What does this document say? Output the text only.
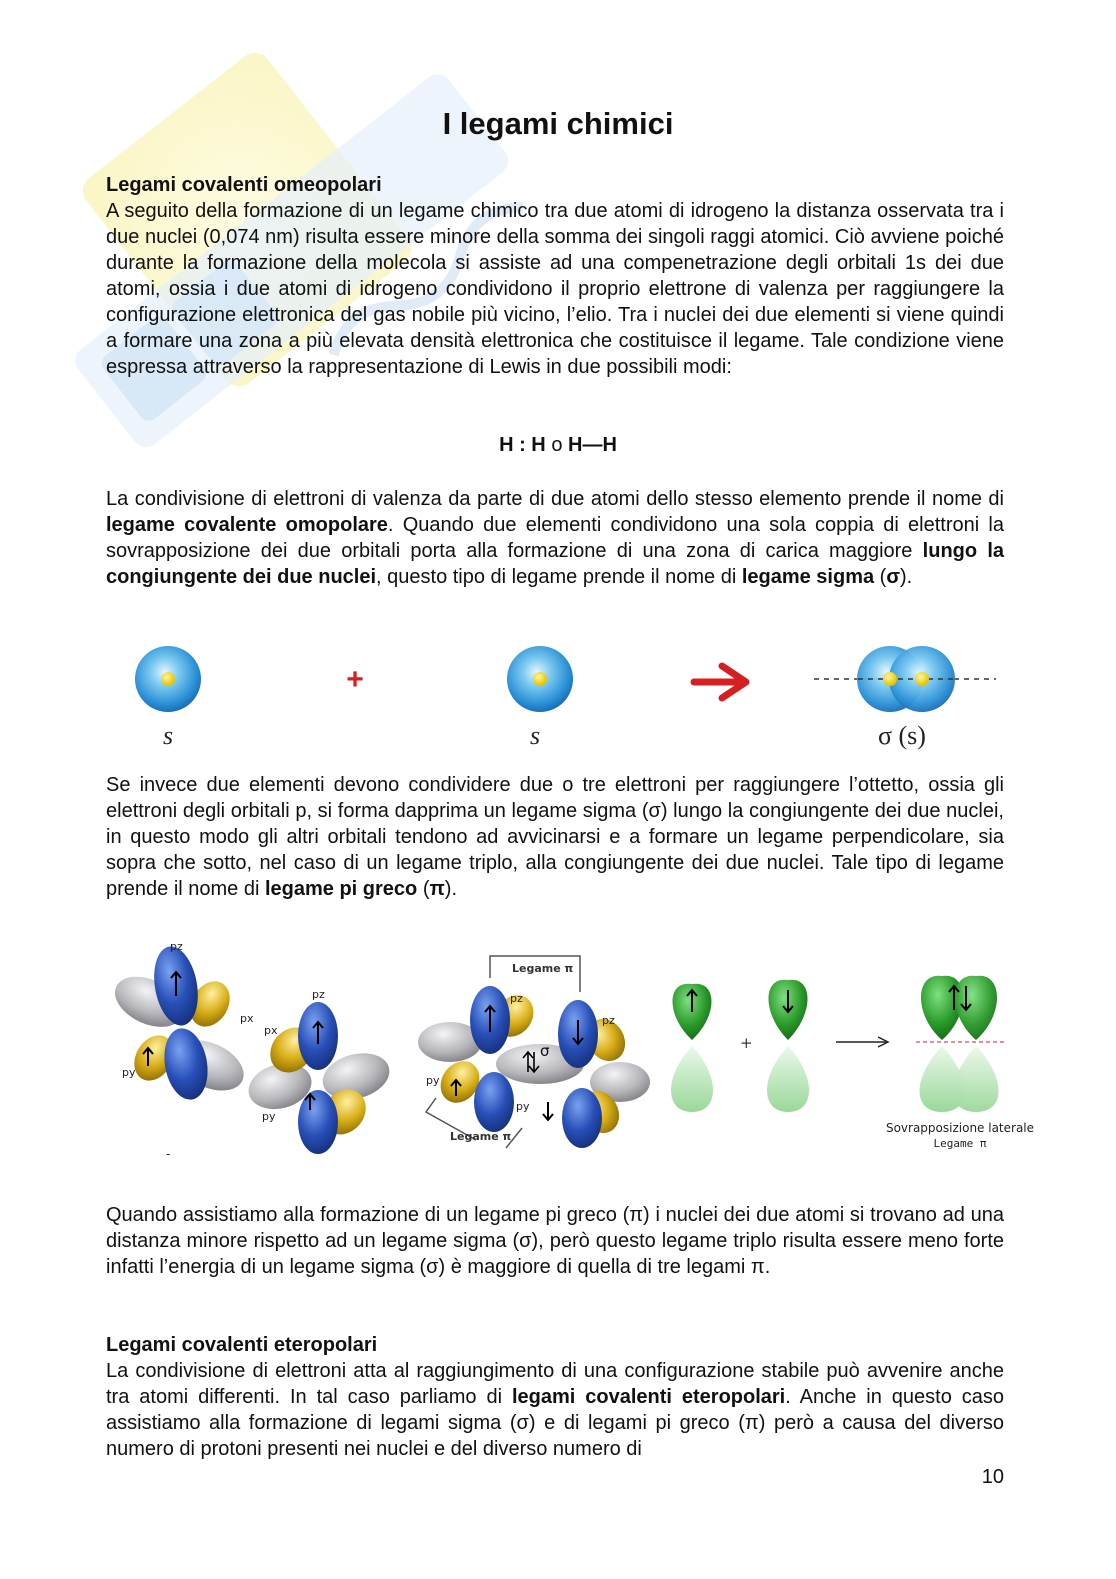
I legami chimici
Legami covalenti omeopolari

A seguito della formazione di un legame chimico tra due atomi di idrogeno la distanza osservata tra i due nuclei (0,074 nm) risulta essere minore della somma dei singoli raggi atomici. Ciò avviene poiché durante la formazione della molecola si assiste ad una compenetrazione degli orbitali 1s dei due atomi, ossia i due atomi di idrogeno condividono il proprio elettrone di valenza per raggiungere la configurazione elettronica del gas nobile più vicino, l’elio. Tra i nuclei dei due elementi si viene quindi a formare una zona a più elevata densità elettronica che costituisce il legame. Tale condizione viene espressa attraverso la rappresentazione di Lewis in due possibili modi:

H : H o H—H

La condivisione di elettroni di valenza da parte di due atomi dello stesso elemento prende il nome di legame covalente omopolare. Quando due elementi condividono una sola coppia di elettroni la sovrapposizione dei due orbitali porta alla formazione di una zona di carica maggiore lungo la congiungente dei due nuclei, questo tipo di legame prende il nome di legame sigma (σ).

s
+
s	σ (s)

Se invece due elementi devono condividere due o tre elettroni per raggiungere l’ottetto, ossia gli elettroni degli orbitali p, si forma dapprima un legame sigma (σ) lungo la congiungente dei due nuclei, in questo modo gli altri orbitali tendono ad avvicinarsi e a formare un legame perpendicolare, sia sopra che sotto, nel caso di un legame triplo, alla congiungente dei due nuclei. Tale tipo di legame prende il nome di legame pi greco (π).

pz
px
py
-
pz
px
py
Legame π
pz
pz
σ
py
py
Legame π
+
Sovrapposizione laterale
Legame π

Quando assistiamo alla formazione di un legame pi greco (π) i nuclei dei due atomi si trovano ad una distanza minore rispetto ad un legame sigma (σ), però questo legame triplo risulta essere meno forte infatti l’energia di un legame sigma (σ) è maggiore di quella di tre legami π.

Legami covalenti eteropolari

La condivisione di elettroni atta al raggiungimento di una configurazione stabile può avvenire anche tra atomi differenti. In tal caso parliamo di legami covalenti eteropolari. Anche in questo caso assistiamo alla formazione di legami sigma (σ) e di legami pi greco (π) però a causa del diverso numero di protoni presenti nei nuclei e del diverso numero di

10
